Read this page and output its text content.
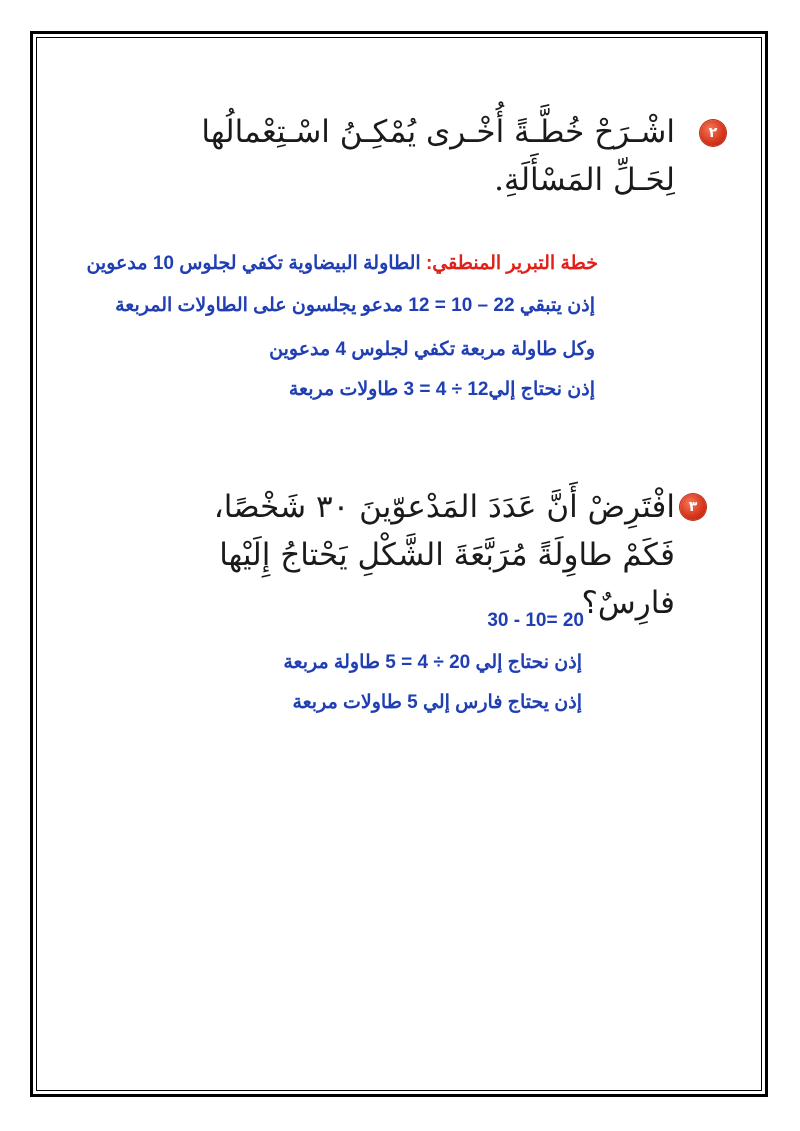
٢
اشْـرَحْ خُطَّـةً أُخْـرى يُمْكِـنُ اسْـتِعْمالُها لِحَـلِّ المَسْأَلَةِ.
خطة التبرير المنطقي: الطاولة البيضاوية تكفي لجلوس 10 مدعوين
إذن يتبقي 22 – 10 = 12 مدعو يجلسون على الطاولات المربعة
وكل طاولة مربعة تكفي لجلوس 4 مدعوين
إذن نحتاج إلي12 ÷ 4 = 3 طاولات مربعة
٣
افْتَرِضْ أَنَّ عَدَدَ المَدْعوّينَ ٣٠ شَخْصًا، فَكَمْ طاوِلَةً مُرَبَّعَةَ الشَّكْلِ يَحْتاجُ إِلَيْها فارِسٌ؟
30 - 10= 20
إذن نحتاج إلي 20 ÷ 4 = 5 طاولة مربعة
إذن يحتاج فارس إلي 5 طاولات مربعة
